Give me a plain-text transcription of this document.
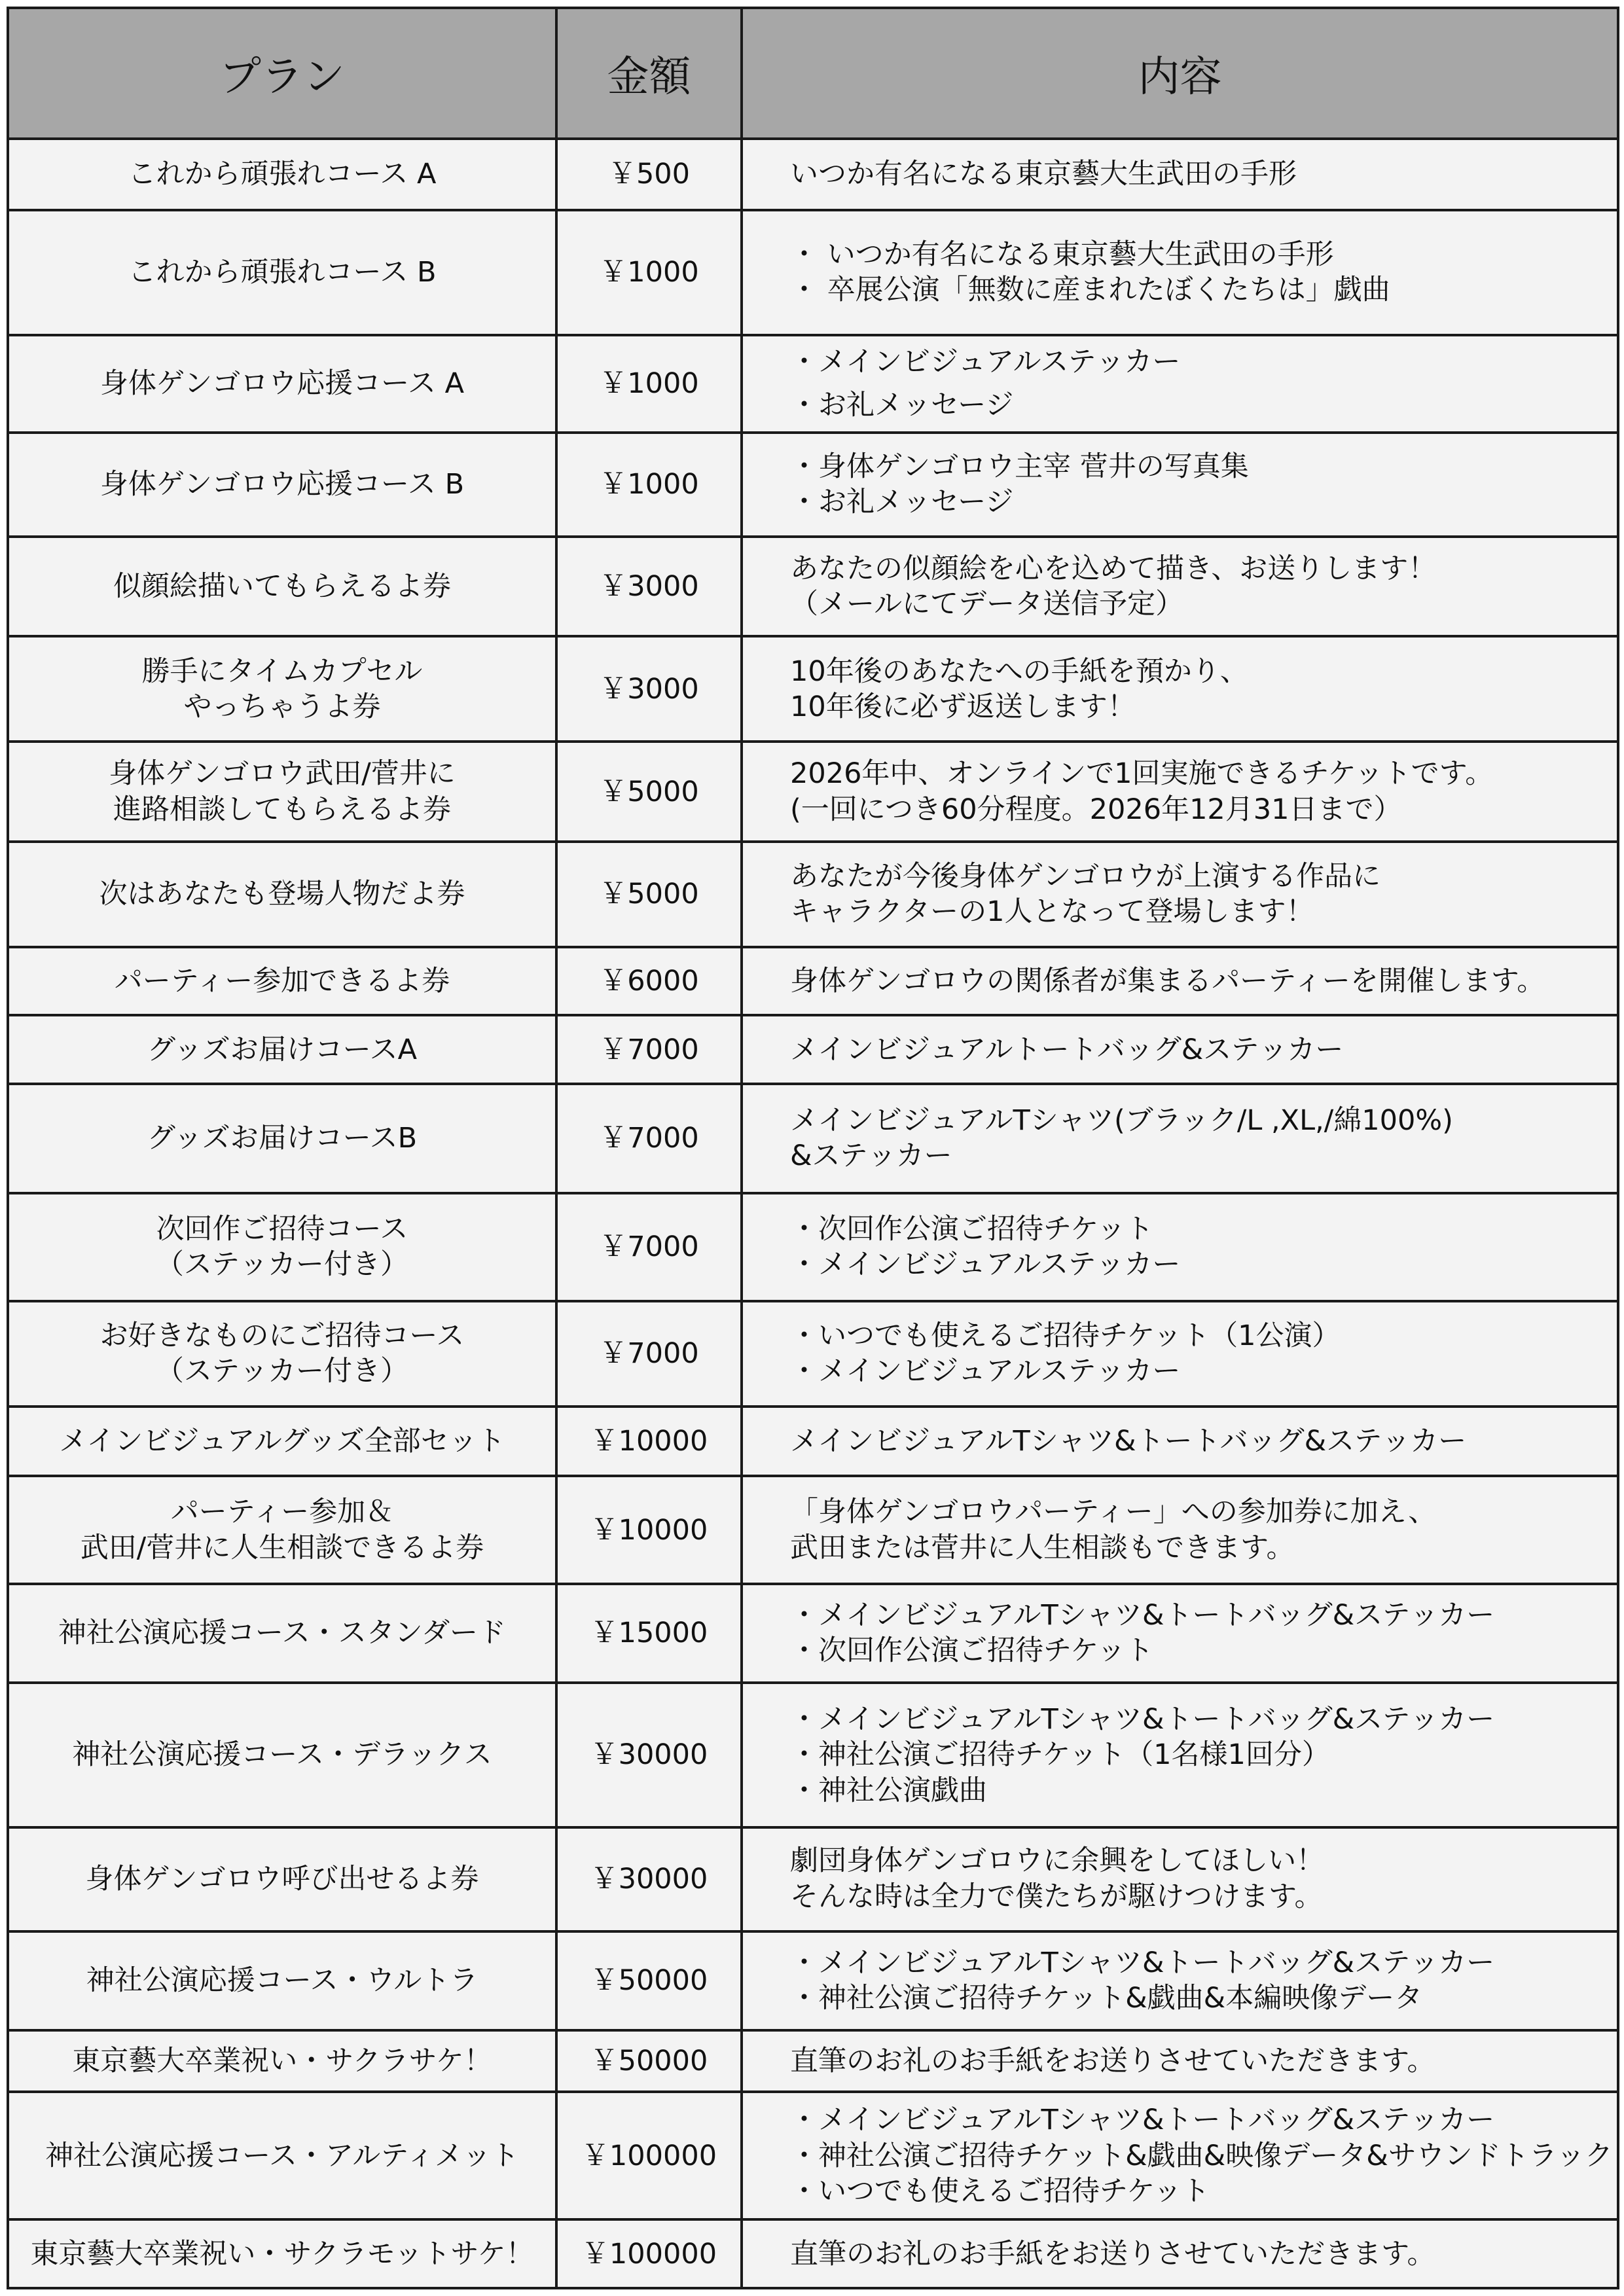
プラン	金額	内容

これから頑張れコース A	￥500	いつか有名になる東京藝大生武田の手形

これから頑張れコース B	￥1000	・ いつか有名になる東京藝大生武田の手形
・ 卒展公演「無数に産まれたぼくたちは」戯曲

身体ゲンゴロウ応援コース A	￥1000	・メインビジュアルステッカー
・お礼メッセージ

身体ゲンゴロウ応援コース B	￥1000	・身体ゲンゴロウ主宰 菅井の写真集
・お礼メッセージ

似顔絵描いてもらえるよ券	￥3000	あなたの似顔絵を心を込めて描き、お送りします！
（メールにてデータ送信予定）

勝手にタイムカプセル
やっちゃうよ券	￥3000	10年後のあなたへの手紙を預かり、
10年後に必ず返送します！

身体ゲンゴロウ武田/菅井に
進路相談してもらえるよ券	￥5000	2026年中、オンラインで1回実施できるチケットです。
(一回につき60分程度。2026年12月31日まで）

次はあなたも登場人物だよ券	￥5000	あなたが今後身体ゲンゴロウが上演する作品に
キャラクターの1人となって登場します！

パーティー参加できるよ券	￥6000	身体ゲンゴロウの関係者が集まるパーティーを開催します。

グッズお届けコースA	￥7000	メインビジュアルトートバッグ&ステッカー

グッズお届けコースB	￥7000	メインビジュアルTシャツ(ブラック/L ,XL,/綿100%)
&ステッカー

次回作ご招待コース
（ステッカー付き）	￥7000	・次回作公演ご招待チケット
・メインビジュアルステッカー

お好きなものにご招待コース
（ステッカー付き）	￥7000	・いつでも使えるご招待チケット（1公演）
・メインビジュアルステッカー

メインビジュアルグッズ全部セット	￥10000	メインビジュアルTシャツ&トートバッグ&ステッカー

パーティー参加＆
武田/菅井に人生相談できるよ券	￥10000	「身体ゲンゴロウパーティー」への参加券に加え、
武田または菅井に人生相談もできます。

神社公演応援コース・スタンダード	￥15000	・メインビジュアルTシャツ&トートバッグ&ステッカー
・次回作公演ご招待チケット

神社公演応援コース・デラックス	￥30000	・メインビジュアルTシャツ&トートバッグ&ステッカー
・神社公演ご招待チケット（1名様1回分）
・神社公演戯曲

身体ゲンゴロウ呼び出せるよ券	￥30000	劇団身体ゲンゴロウに余興をしてほしい！
そんな時は全力で僕たちが駆けつけます。

神社公演応援コース・ウルトラ	￥50000	・メインビジュアルTシャツ&トートバッグ&ステッカー
・神社公演ご招待チケット&戯曲&本編映像データ

東京藝大卒業祝い・サクラサケ！	￥50000	直筆のお礼のお手紙をお送りさせていただきます。

神社公演応援コース・アルティメット	￥100000	・メインビジュアルTシャツ&トートバッグ&ステッカー
・神社公演ご招待チケット&戯曲&映像データ&サウンドトラック
・いつでも使えるご招待チケット

東京藝大卒業祝い・サクラモットサケ！	￥100000	直筆のお礼のお手紙をお送りさせていただきます。
